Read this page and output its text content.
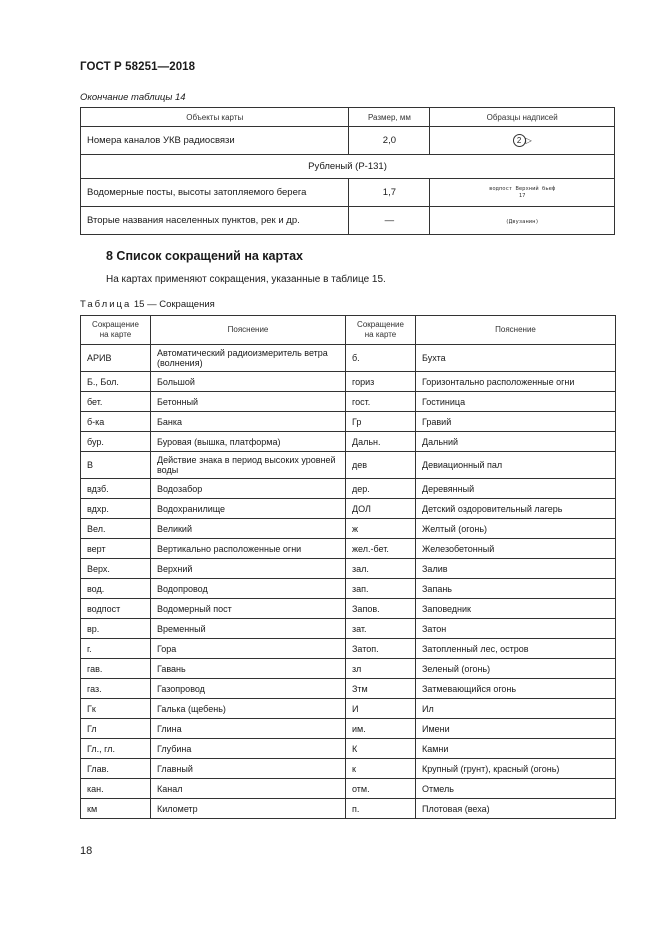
ГОСТ Р 58251—2018
Окончание таблицы 14
Объекты карты	Размер, мм	Образцы надписей
Номера каналов УКВ радиосвязи	2,0	2 ▷
Рубленый (Р-131)		
Водомерные посты, высоты затопляемого берега	1,7	водпост Верхний бьеф
17

Вторые названия населенных пунктов, рек и др.	—	(Двузанин)
8 Список сокращений на картах
На картах применяют сокращения, указанные в таблице 15.
Таблица 15 — Сокращения
Сокращение на карте	Пояснение	Сокращение на карте	Пояснение
АРИВ	Автоматический радиоизмеритель ветра (волнения)	б.	Бухта
Б., Бол.	Большой	гориз	Горизонтально расположенные огни
бет.	Бетонный	гост.	Гостиница
б-ка	Банка	Гр	Гравий
бур.	Буровая (вышка, платформа)	Дальн.	Дальний
В	Действие знака в период высоких уровней воды	дев	Девиационный пал
вдзб.	Водозабор	дер.	Деревянный
вдхр.	Водохранилище	ДОЛ	Детский оздоровительный лагерь
Вел.	Великий	ж	Желтый (огонь)
верт	Вертикально расположенные огни	жел.-бет.	Железобетонный
Верх.	Верхний	зал.	Залив
вод.	Водопровод	зап.	Запань
водпост	Водомерный пост	Запов.	Заповедник
вр.	Временный	зат.	Затон
г.	Гора	Затоп.	Затопленный лес, остров
гав.	Гавань	зл	Зеленый (огонь)
газ.	Газопровод	Зтм	Затмевающийся огонь
Гк	Галька (щебень)	И	Ил
Гл	Глина	им.	Имени
Гл., гл.	Глубина	К	Камни
Глав.	Главный	к	Крупный (грунт), красный (огонь)
кан.	Канал	отм.	Отмель
км	Километр	п.	Плотовая (веха)
18
